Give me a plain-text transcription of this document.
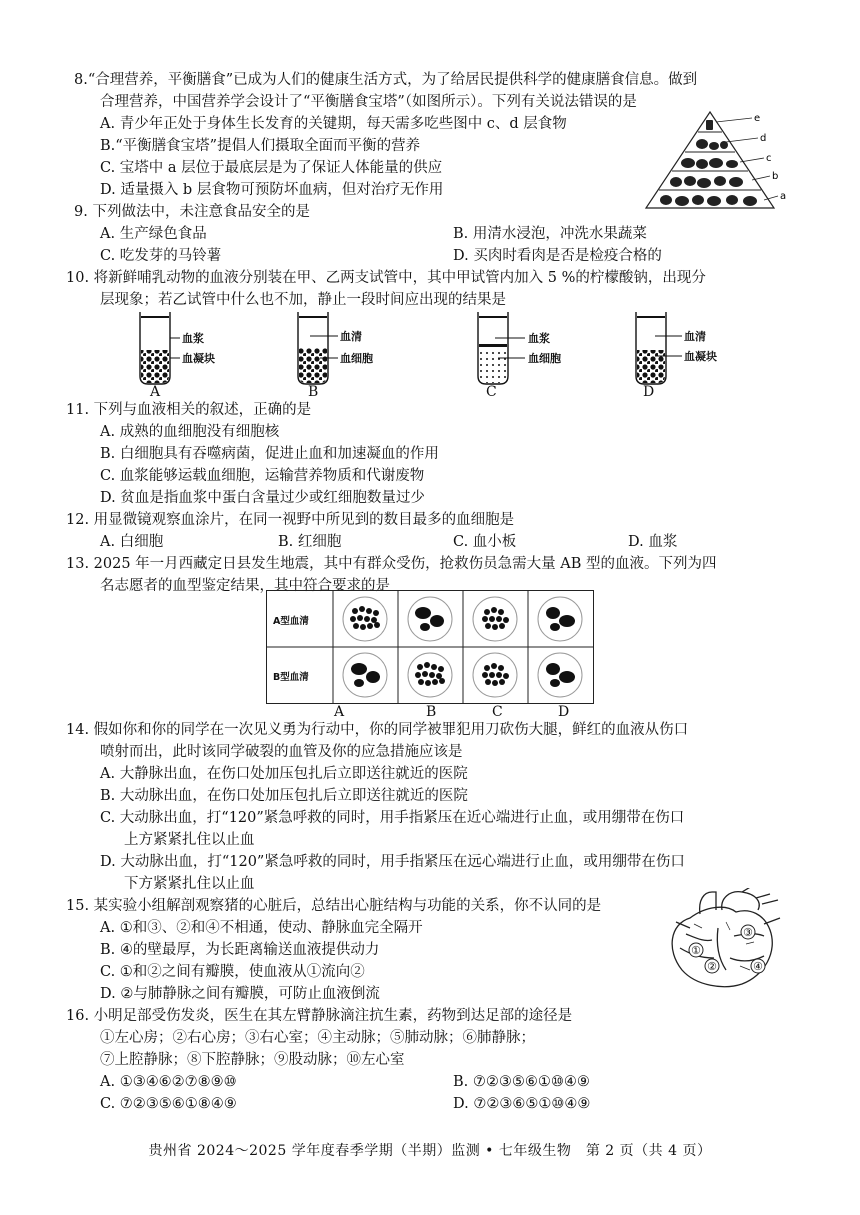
8.“合理营养，平衡膳食”已成为人们的健康生活方式，为了给居民提供科学的健康膳食信息。做到
合理营养，中国营养学会设计了“平衡膳食宝塔”（如图所示）。下列有关说法错误的是
A. 青少年正处于身体生长发育的关键期，每天需多吃些图中 c、d 层食物
B.“平衡膳食宝塔”提倡人们摄取全面而平衡的营养
C. 宝塔中 a 层位于最底层是为了保证人体能量的供应
D. 适量摄入 b 层食物可预防坏血病，但对治疗无作用
e
d
c
b
a
9. 下列做法中，未注意食品安全的是
A. 生产绿色食品	B. 用清水浸泡，冲洗水果蔬菜
C. 吃发芽的马铃薯	D. 买肉时看肉是否是检疫合格的
10. 将新鲜哺乳动物的血液分别装在甲、乙两支试管中，其中甲试管内加入 5 %的柠檬酸钠，出现分
层现象；若乙试管中什么也不加，静止一段时间应出现的结果是
血浆
血凝块
血清
血细胞
血浆
血细胞
血清
血凝块
A	B	C	D
11. 下列与血液相关的叙述，正确的是
A. 成熟的血细胞没有细胞核
B. 白细胞具有吞噬病菌，促进止血和加速凝血的作用
C. 血浆能够运载血细胞，运输营养物质和代谢废物
D. 贫血是指血浆中蛋白含量过少或红细胞数量过少
12. 用显微镜观察血涂片，在同一视野中所见到的数目最多的血细胞是
A. 白细胞	B. 红细胞	C. 血小板	D. 血浆
13. 2025 年一月西藏定日县发生地震，其中有群众受伤，抢救伤员急需大量 AB 型的血液。下列为四
名志愿者的血型鉴定结果，其中符合要求的是
A型血清
B型血清
A	B	C	D
14. 假如你和你的同学在一次见义勇为行动中，你的同学被罪犯用刀砍伤大腿，鲜红的血液从伤口
喷射而出，此时该同学破裂的血管及你的应急措施应该是
A. 大静脉出血，在伤口处加压包扎后立即送往就近的医院
B. 大动脉出血，在伤口处加压包扎后立即送往就近的医院
C. 大动脉出血，打“120”紧急呼救的同时，用手指紧压在近心端进行止血，或用绷带在伤口
上方紧紧扎住以止血
D. 大动脉出血，打“120”紧急呼救的同时，用手指紧压在远心端进行止血，或用绷带在伤口
下方紧紧扎住以止血
15. 某实验小组解剖观察猪的心脏后，总结出心脏结构与功能的关系，你不认同的是
A. ①和③、②和④不相通，使动、静脉血完全隔开
B. ④的壁最厚，为长距离输送血液提供动力
C. ①和②之间有瓣膜，使血液从①流向②
D. ②与肺静脉之间有瓣膜，可防止血液倒流
①
②
③
④
16. 小明足部受伤发炎，医生在其左臂静脉滴注抗生素，药物到达足部的途径是
①左心房；②右心房；③右心室；④主动脉；⑤肺动脉；⑥肺静脉；
⑦上腔静脉；⑧下腔静脉；⑨股动脉；⑩左心室
A. ①③④⑥②⑦⑧⑨⑩	B. ⑦②③⑤⑥①⑩④⑨
C. ⑦②③⑤⑥①⑧④⑨	D. ⑦②③⑥⑤①⑩④⑨
贵州省 2024～2025 学年度春季学期（半期）监测 • 七年级生物　第 2 页（共 4 页）
